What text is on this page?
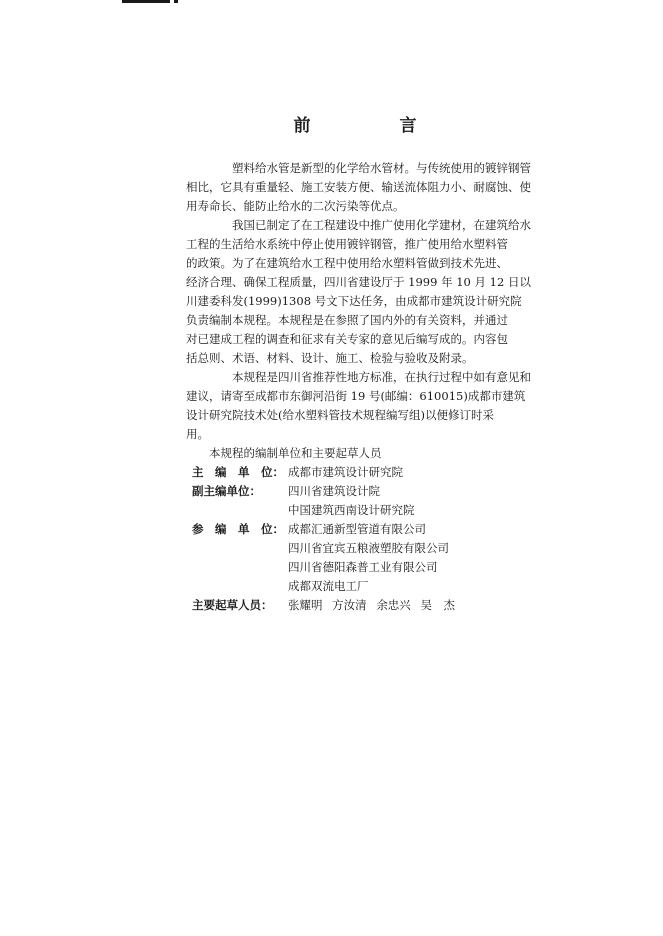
前　言
塑料给水管是新型的化学给水管材。与传统使用的镀锌钢管
相比，它具有重量轻、施工安装方便、输送流体阻力小、耐腐蚀、使
用寿命长、能防止给水的二次污染等优点。
我国已制定了在工程建设中推广使用化学建材，在建筑给水
工程的生活给水系统中停止使用镀锌钢管，推广使用给水塑料管
的政策。为了在建筑给水工程中使用给水塑料管做到技术先进、
经济合理、确保工程质量，四川省建设厅于 1999 年 10 月 12 日以
川建委科发(1999)1308 号文下达任务，由成都市建筑设计研究院
负责编制本规程。本规程是在参照了国内外的有关资料，并通过
对已建成工程的调查和征求有关专家的意见后编写成的。内容包
括总则、术语、材料、设计、施工、检验与验收及附录。
本规程是四川省推荐性地方标准，在执行过程中如有意见和
建议，请寄至成都市东御河沿街 19 号(邮编：610015)成都市建筑
设计研究院技术处(给水塑料管技术规程编写组)以便修订时采
用。

本规程的编制单位和主要起草人员

主　编　单　位： 成都市建筑设计研究院
副主编单位：	四川省建筑设计院
中国建筑西南设计研究院
参　编　单　位： 成都汇通新型管道有限公司
四川省宜宾五粮液塑胶有限公司
四川省德阳森普工业有限公司
成都双流电工厂
主要起草人员：	张耀明 方汝清 余忠兴 吴　杰
